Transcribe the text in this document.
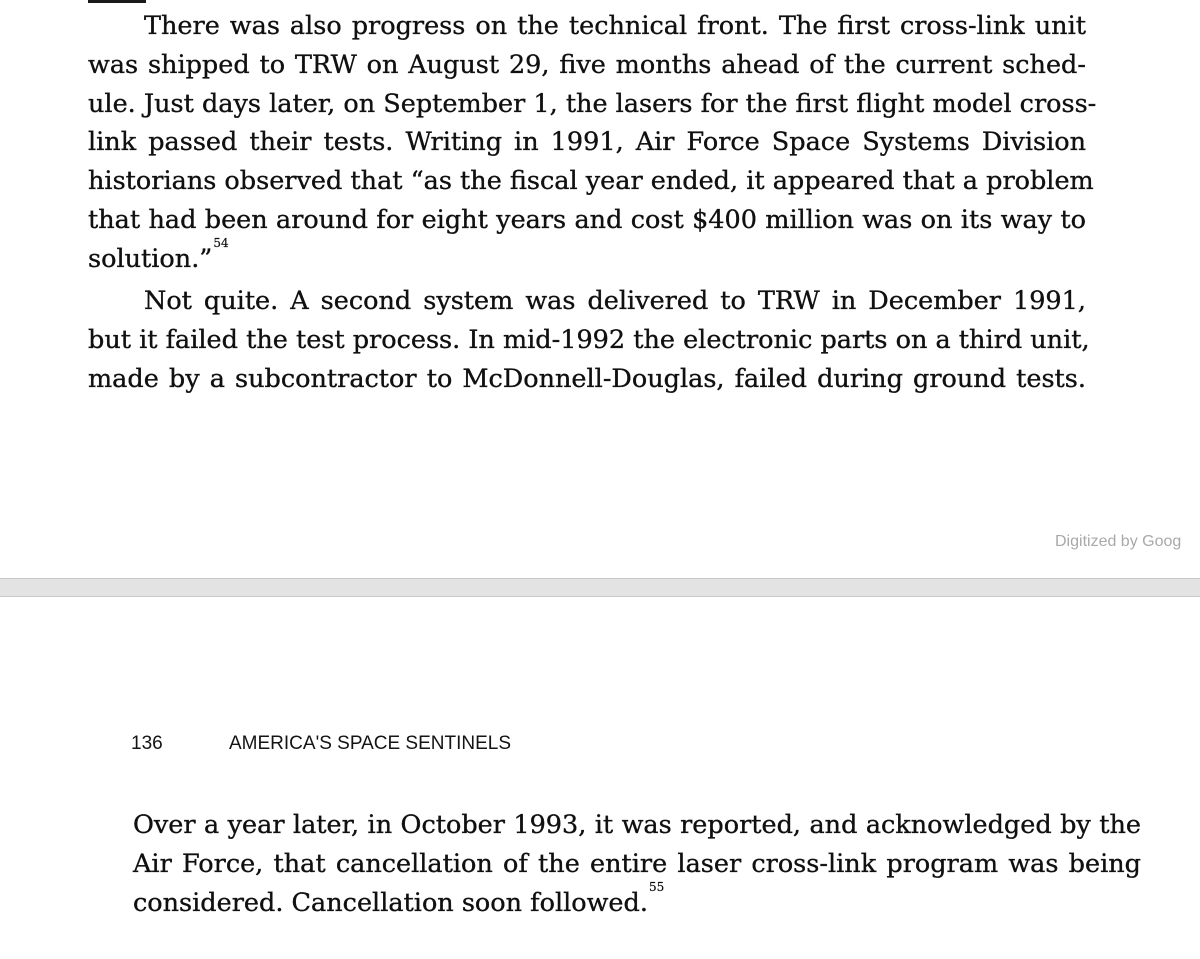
There was also progress on the technical front. The first cross-link unit
was shipped to TRW on August 29, five months ahead of the current sched-
ule. Just days later, on September 1, the lasers for the first flight model cross-
link passed their tests. Writing in 1991, Air Force Space Systems Division
historians observed that “as the fiscal year ended, it appeared that a problem
that had been around for eight years and cost $400 million was on its way to
solution.”$^{54}$

Not quite. A second system was delivered to TRW in December 1991,
but it failed the test process. In mid-1992 the electronic parts on a third unit,
made by a subcontractor to McDonnell-Douglas, failed during ground tests.

Digitized by Goog
136	AMERICA'S SPACE SENTINELS

Over a year later, in October 1993, it was reported, and acknowledged by the
Air Force, that cancellation of the entire laser cross-link program was being
considered. Cancellation soon followed.$^{55}$
